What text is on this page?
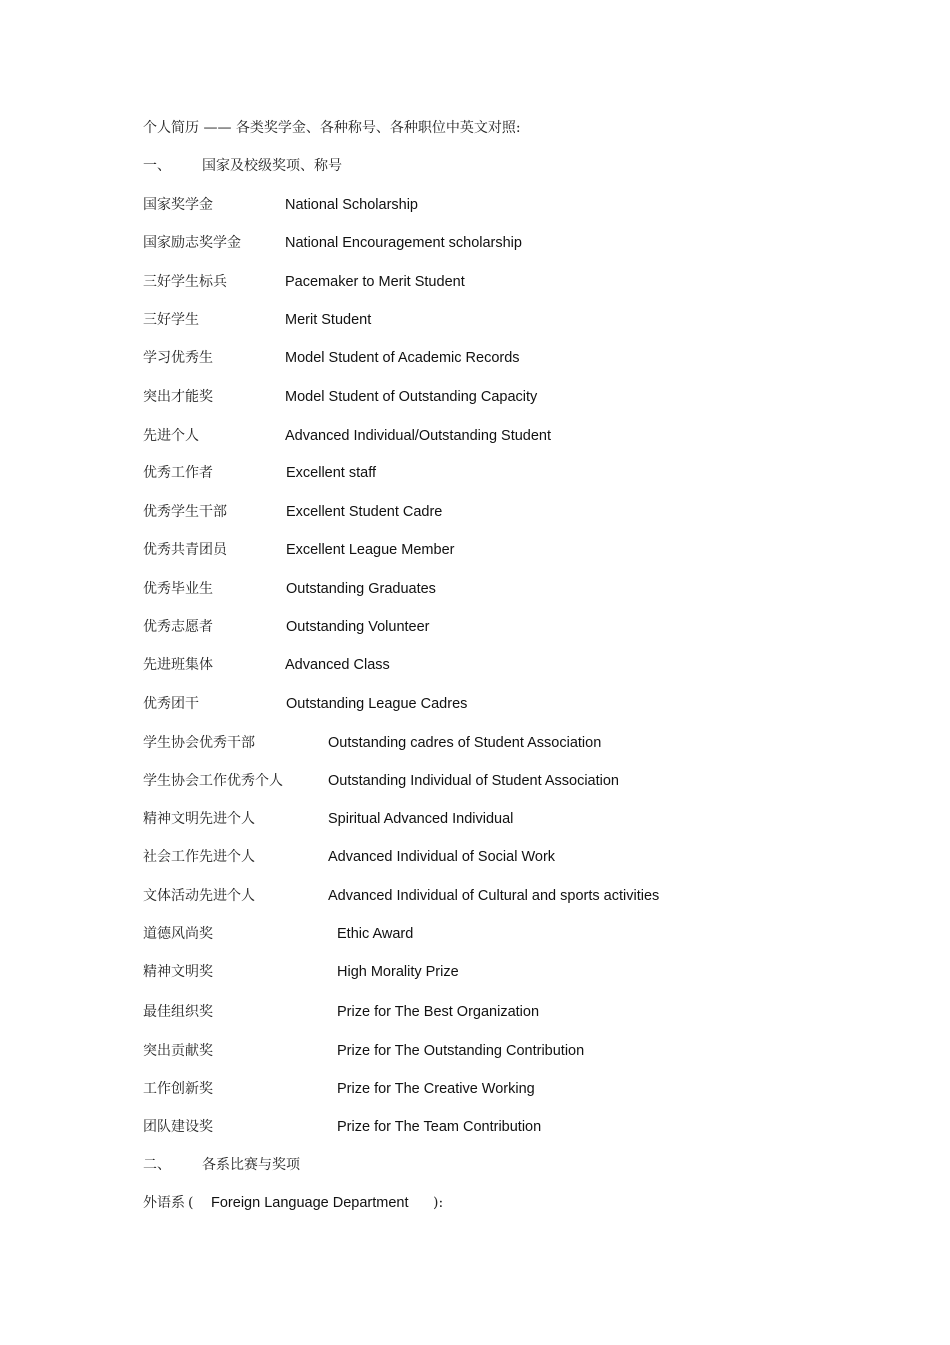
个人简历 —— 各类奖学金、各种称号、各种职位中英文对照:
一、 国家及校级奖项、称号
国家奖学金	National Scholarship
国家励志奖学金	National Encouragement scholarship
三好学生标兵	Pacemaker to Merit Student
三好学生	Merit Student
学习优秀生	Model Student of Academic Records
突出才能奖	Model Student of Outstanding Capacity
先进个人	Advanced Individual/Outstanding Student
优秀工作者	Excellent staff
优秀学生干部	Excellent Student Cadre
优秀共青团员	Excellent League Member
优秀毕业生	Outstanding Graduates
优秀志愿者	Outstanding Volunteer
先进班集体	Advanced Class
优秀团干	Outstanding League Cadres
学生协会优秀干部	Outstanding cadres of Student Association
学生协会工作优秀个人	Outstanding Individual of Student Association
精神文明先进个人	Spiritual Advanced Individual
社会工作先进个人	Advanced Individual of Social Work
文体活动先进个人	Advanced Individual of Cultural and sports activities
道德风尚奖	Ethic Award
精神文明奖	High Morality Prize
最佳组织奖	Prize for The Best Organization
突出贡献奖	Prize for The Outstanding Contribution
工作创新奖	Prize for The Creative Working
团队建设奖	Prize for The Team Contribution
二、 各系比赛与奖项
外语系 ( Foreign Language Department ):
